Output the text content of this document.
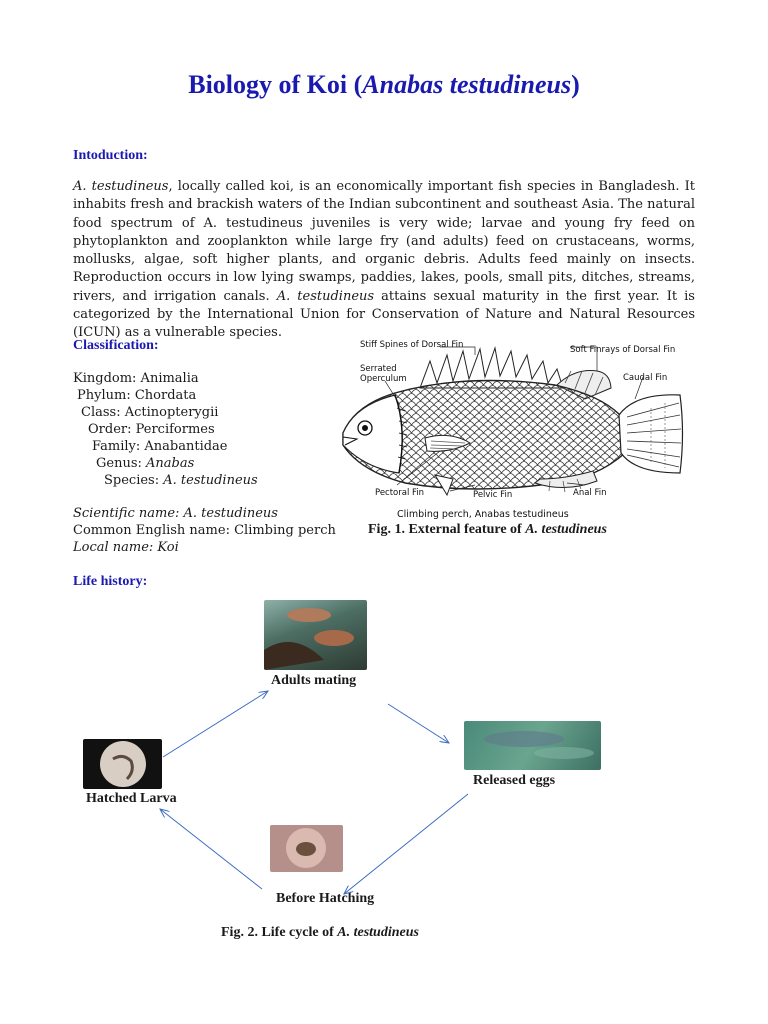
Biology of Koi (Anabas testudineus)
Intoduction:
A. testudineus, locally called koi, is an economically important fish species in Bangladesh. It inhabits fresh and brackish waters of the Indian subcontinent and southeast Asia. The natural food spectrum of A. testudineus juveniles is very wide; larvae and young fry feed on phytoplankton and zooplankton while large fry (and adults) feed on crustaceans, worms, mollusks, algae, soft higher plants, and organic debris. Adults feed mainly on insects. Reproduction occurs in low lying swamps, paddies, lakes, pools, small pits, ditches, streams, rivers, and irrigation canals. A. testudineus attains sexual maturity in the first year. It is categorized by the International Union for Conservation of Nature and Natural Resources (ICUN) as a vulnerable species.
Classification:
Kingdom: Animalia
Phylum: Chordata
Class: Actinopterygii
Order: Perciformes
Family: Anabantidae
Genus: Anabas
Species: A. testudineus
Scientific name: A. testudineus
Common English name: Climbing perch
Local name: Koi
Stiff Spines of Dorsal Fin	Soft Finrays of Dorsal Fin
Serrated
Operculum	Caudal Fin
Pectoral Fin	Pelvic Fin	Anal Fin
Climbing perch, Anabas testudineus
Fig. 1. External feature of A. testudineus
Life history:
Adults mating
Released eggs
Before Hatching
Hatched Larva
Fig. 2. Life cycle of A. testudineus
